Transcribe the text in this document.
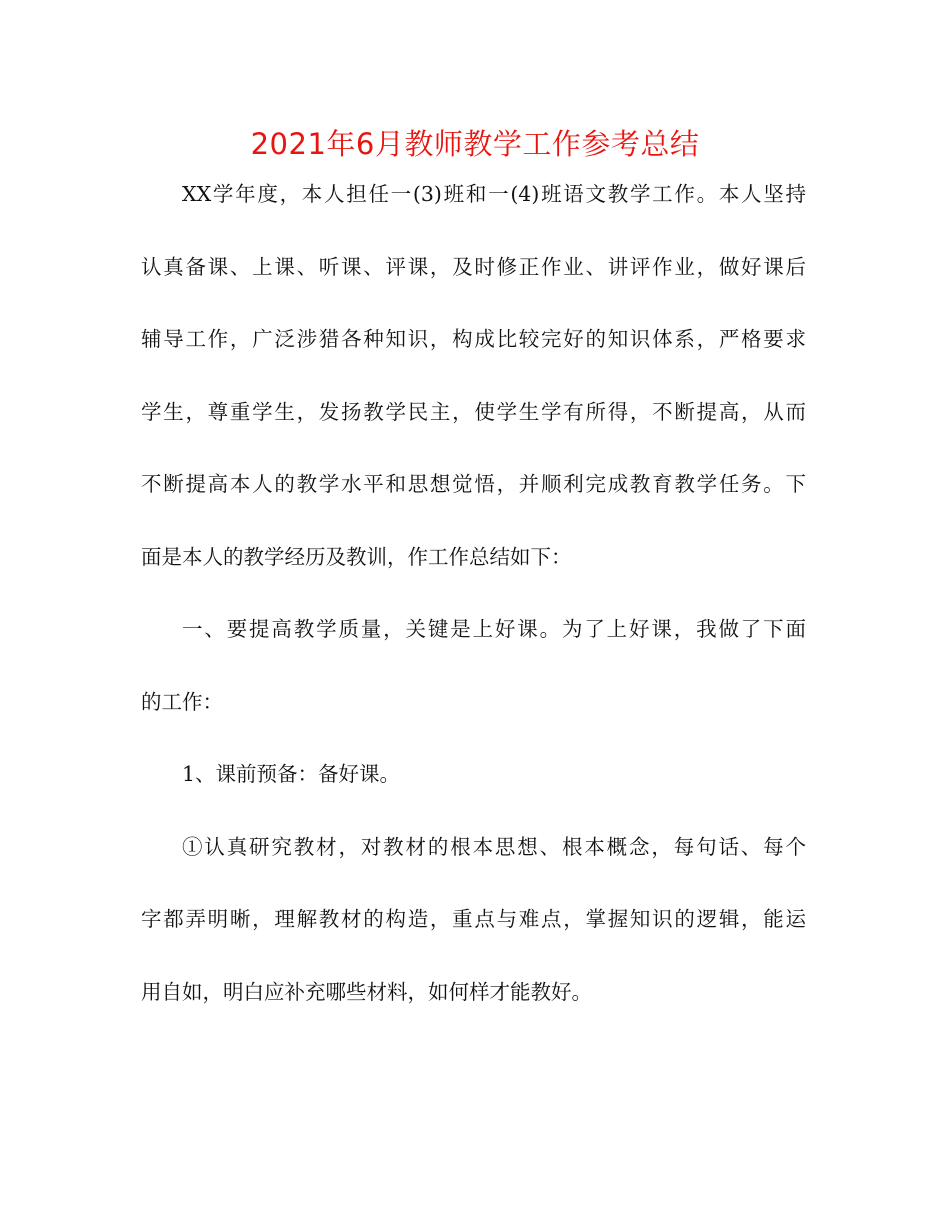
2021年6月教师教学工作参考总结
XX学年度，本人担任一(3)班和一(4)班语文教学工作。本人坚持
认真备课、上课、听课、评课，及时修正作业、讲评作业，做好课后
辅导工作，广泛涉猎各种知识，构成比较完好的知识体系，严格要求
学生，尊重学生，发扬教学民主，使学生学有所得，不断提高，从而
不断提高本人的教学水平和思想觉悟，并顺利完成教育教学任务。下
面是本人的教学经历及教训，作工作总结如下：
一、要提高教学质量，关键是上好课。为了上好课，我做了下面
的工作：
1、课前预备：备好课。
①认真研究教材，对教材的根本思想、根本概念，每句话、每个
字都弄明晰，理解教材的构造，重点与难点，掌握知识的逻辑，能运
用自如，明白应补充哪些材料，如何样才能教好。
